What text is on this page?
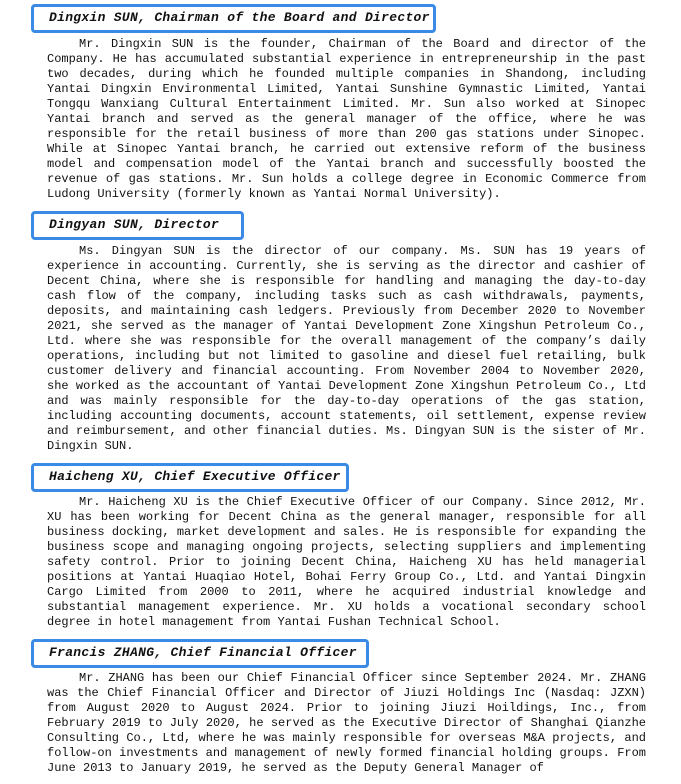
Dingxin SUN, Chairman of the Board and Director

Mr. Dingxin SUN is the founder, Chairman of the Board and director of the Company. He has accumulated substantial experience in entrepreneurship in the past two decades, during which he founded multiple companies in Shandong, including Yantai Dingxin Environmental Limited, Yantai Sunshine Gymnastic Limited, Yantai Tongqu Wanxiang Cultural Entertainment Limited. Mr. Sun also worked at Sinopec Yantai branch and served as the general manager of the office, where he was responsible for the retail business of more than 200 gas stations under Sinopec. While at Sinopec Yantai branch, he carried out extensive reform of the business model and compensation model of the Yantai branch and successfully boosted the revenue of gas stations. Mr. Sun holds a college degree in Economic Commerce from Ludong University (formerly known as Yantai Normal University).

Dingyan SUN, Director

Ms. Dingyan SUN is the director of our company. Ms. SUN has 19 years of experience in accounting. Currently, she is serving as the director and cashier of Decent China, where she is responsible for handling and managing the day-to-day cash flow of the company, including tasks such as cash withdrawals, payments, deposits, and maintaining cash ledgers. Previously from December 2020 to November 2021, she served as the manager of Yantai Development Zone Xingshun Petroleum Co., Ltd. where she was responsible for the overall management of the company’s daily operations, including but not limited to gasoline and diesel fuel retailing, bulk customer delivery and financial accounting. From November 2004 to November 2020, she worked as the accountant of Yantai Development Zone Xingshun Petroleum Co., Ltd and was mainly responsible for the day-to-day operations of the gas station, including accounting documents, account statements, oil settlement, expense review and reimbursement, and other financial duties. Ms. Dingyan SUN is the sister of Mr. Dingxin SUN.

Haicheng XU, Chief Executive Officer

Mr. Haicheng XU is the Chief Executive Officer of our Company. Since 2012, Mr. XU has been working for Decent China as the general manager, responsible for all business docking, market development and sales. He is responsible for expanding the business scope and managing ongoing projects, selecting suppliers and implementing safety control. Prior to joining Decent China, Haicheng XU has held managerial positions at Yantai Huaqiao Hotel, Bohai Ferry Group Co., Ltd. and Yantai Dingxin Cargo Limited from 2000 to 2011, where he acquired industrial knowledge and substantial management experience. Mr. XU holds a vocational secondary school degree in hotel management from Yantai Fushan Technical School.

Francis ZHANG, Chief Financial Officer

Mr. ZHANG has been our Chief Financial Officer since September 2024. Mr. ZHANG was the Chief Financial Officer and Director of Jiuzi Holdings Inc (Nasdaq: JZXN) from August 2020 to August 2024. Prior to joining Jiuzi Hoildings, Inc., from February 2019 to July 2020, he served as the Executive Director of Shanghai Qianzhe Consulting Co., Ltd, where he was mainly responsible for overseas M&A projects, and follow-on investments and management of newly formed financial holding groups. From June 2013 to January 2019, he served as the Deputy General Manager of
